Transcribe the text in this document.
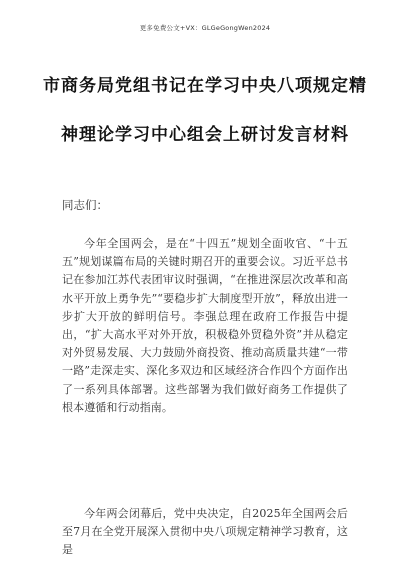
更多免费公文+VX：GLGeGongWen2024
市商务局党组书记在学习中央八项规定精
神理论学习中心组会上研讨发言材料
同志们：

今年全国两会，是在“十四五”规划全面收官、“十五五”规划谋篇布局的关键时期召开的重要会议。习近平总书记在参加江苏代表团审议时强调，“在推进深层次改革和高水平开放上勇争先”“要稳步扩大制度型开放”，释放出进一步扩大开放的鲜明信号。李强总理在政府工作报告中提出，“扩大高水平对外开放，积极稳外贸稳外资”并从稳定对外贸易发展、大力鼓励外商投资、推动高质量共建“一带一路”走深走实、深化多双边和区域经济合作四个方面作出了一系列具体部署。这些部署为我们做好商务工作提供了根本遵循和行动指南。

今年两会闭幕后，党中央决定，自2025年全国两会后至7月在全党开展深入贯彻中央八项规定精神学习教育，这是
